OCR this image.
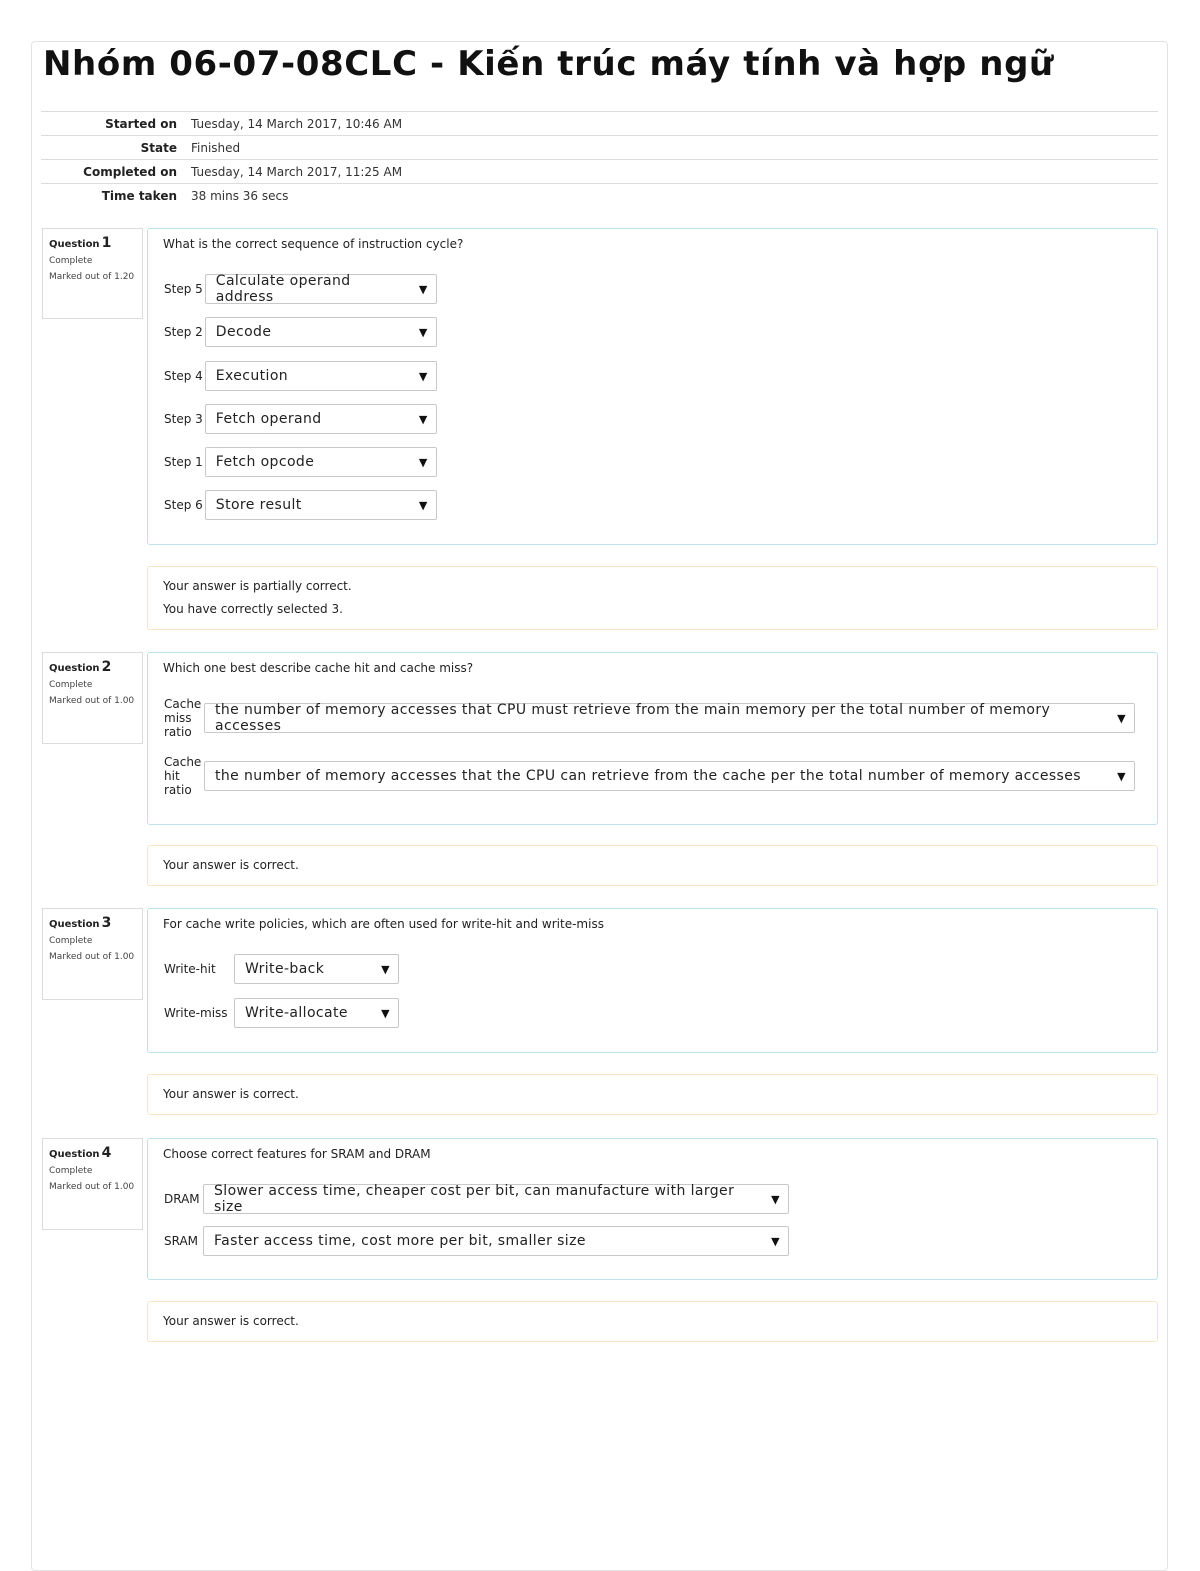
Nhóm 06-07-08CLC - Kiến trúc máy tính và hợp ngữ
Started on Tuesday, 14 March 2017, 10:46 AM
State Finished
Completed on Tuesday, 14 March 2017, 11:25 AM
Time taken 38 mins 36 secs
Question 1
Complete
Marked out of 1.20
What is the correct sequence of instruction cycle?
Step 5 Calculate operand address	▼
Step 2 Decode	▼
Step 4 Execution	▼
Step 3 Fetch operand	▼
Step 1 Fetch opcode	▼
Step 6 Store result	▼
Your answer is partially correct.
You have correctly selected 3.
Question 2
Complete
Marked out of 1.00
Which one best describe cache hit and cache miss?
Cache
miss
ratio
the number of memory accesses that CPU must retrieve from the main memory per the total number of memory accesses	▼
Cache
hit
ratio
the number of memory accesses that the CPU can retrieve from the cache per the total number of memory accesses	▼
Your answer is correct.
Question 3
Complete
Marked out of 1.00
For cache write policies, which are often used for write-hit and write-miss
Write-hit	Write-back	▼
Write-miss	Write-allocate	▼
Your answer is correct.
Question 4
Complete
Marked out of 1.00
Choose correct features for SRAM and DRAM
DRAM Slower access time, cheaper cost per bit, can manufacture with larger size	▼
SRAM Faster access time, cost more per bit, smaller size	▼
Your answer is correct.
